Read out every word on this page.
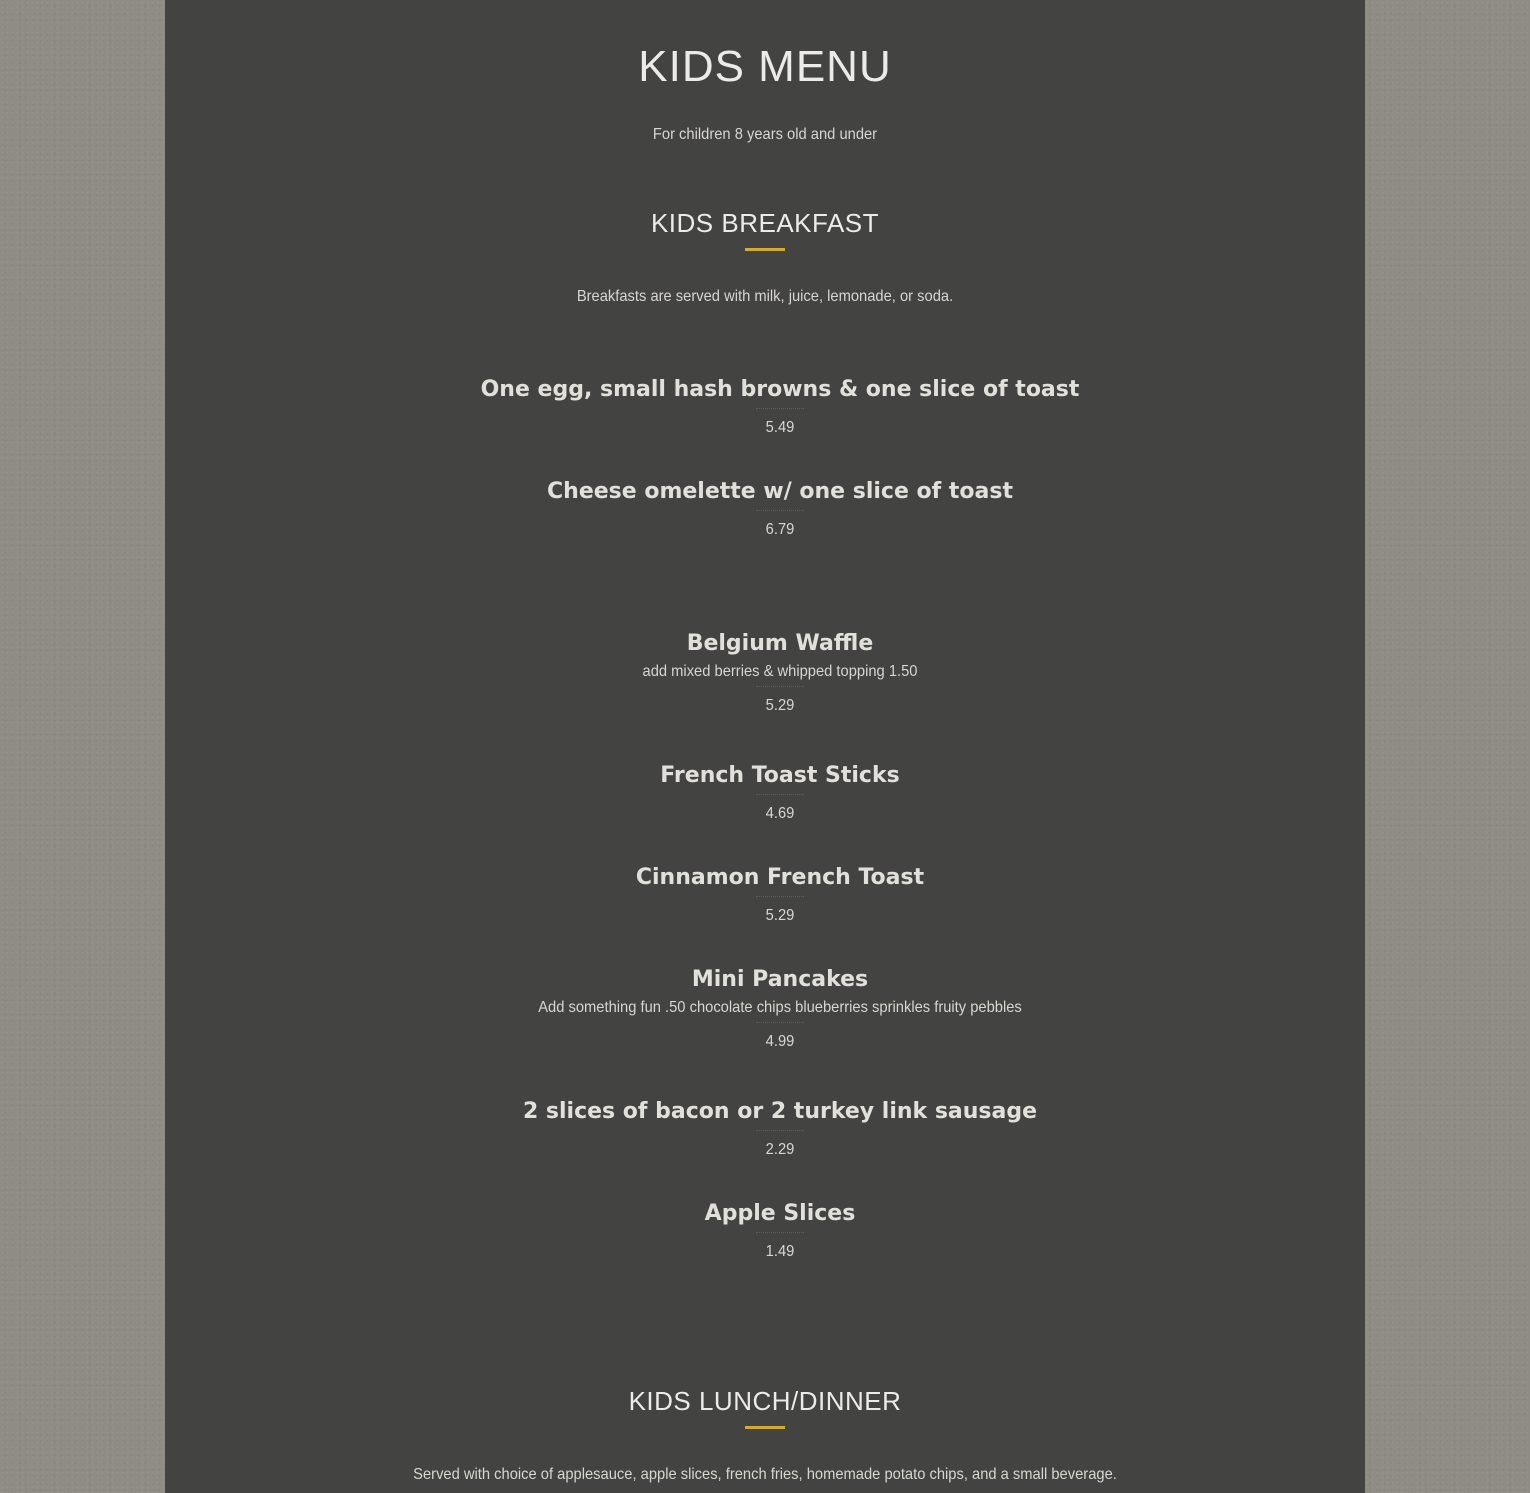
KIDS MENU
For children 8 years old and under
KIDS BREAKFAST
Breakfasts are served with milk, juice, lemonade, or soda.
One egg, small hash browns & one slice of toast
5.49
Cheese omelette w/ one slice of toast
6.79
Belgium Waffle
add mixed berries & whipped topping 1.50
5.29
French Toast Sticks
4.69
Cinnamon French Toast
5.29
Mini Pancakes
Add something fun .50 chocolate chips blueberries sprinkles fruity pebbles
4.99
2 slices of bacon or 2 turkey link sausage
2.29
Apple Slices
1.49
KIDS LUNCH/DINNER
Served with choice of applesauce, apple slices, french fries, homemade potato chips, and a small beverage.
